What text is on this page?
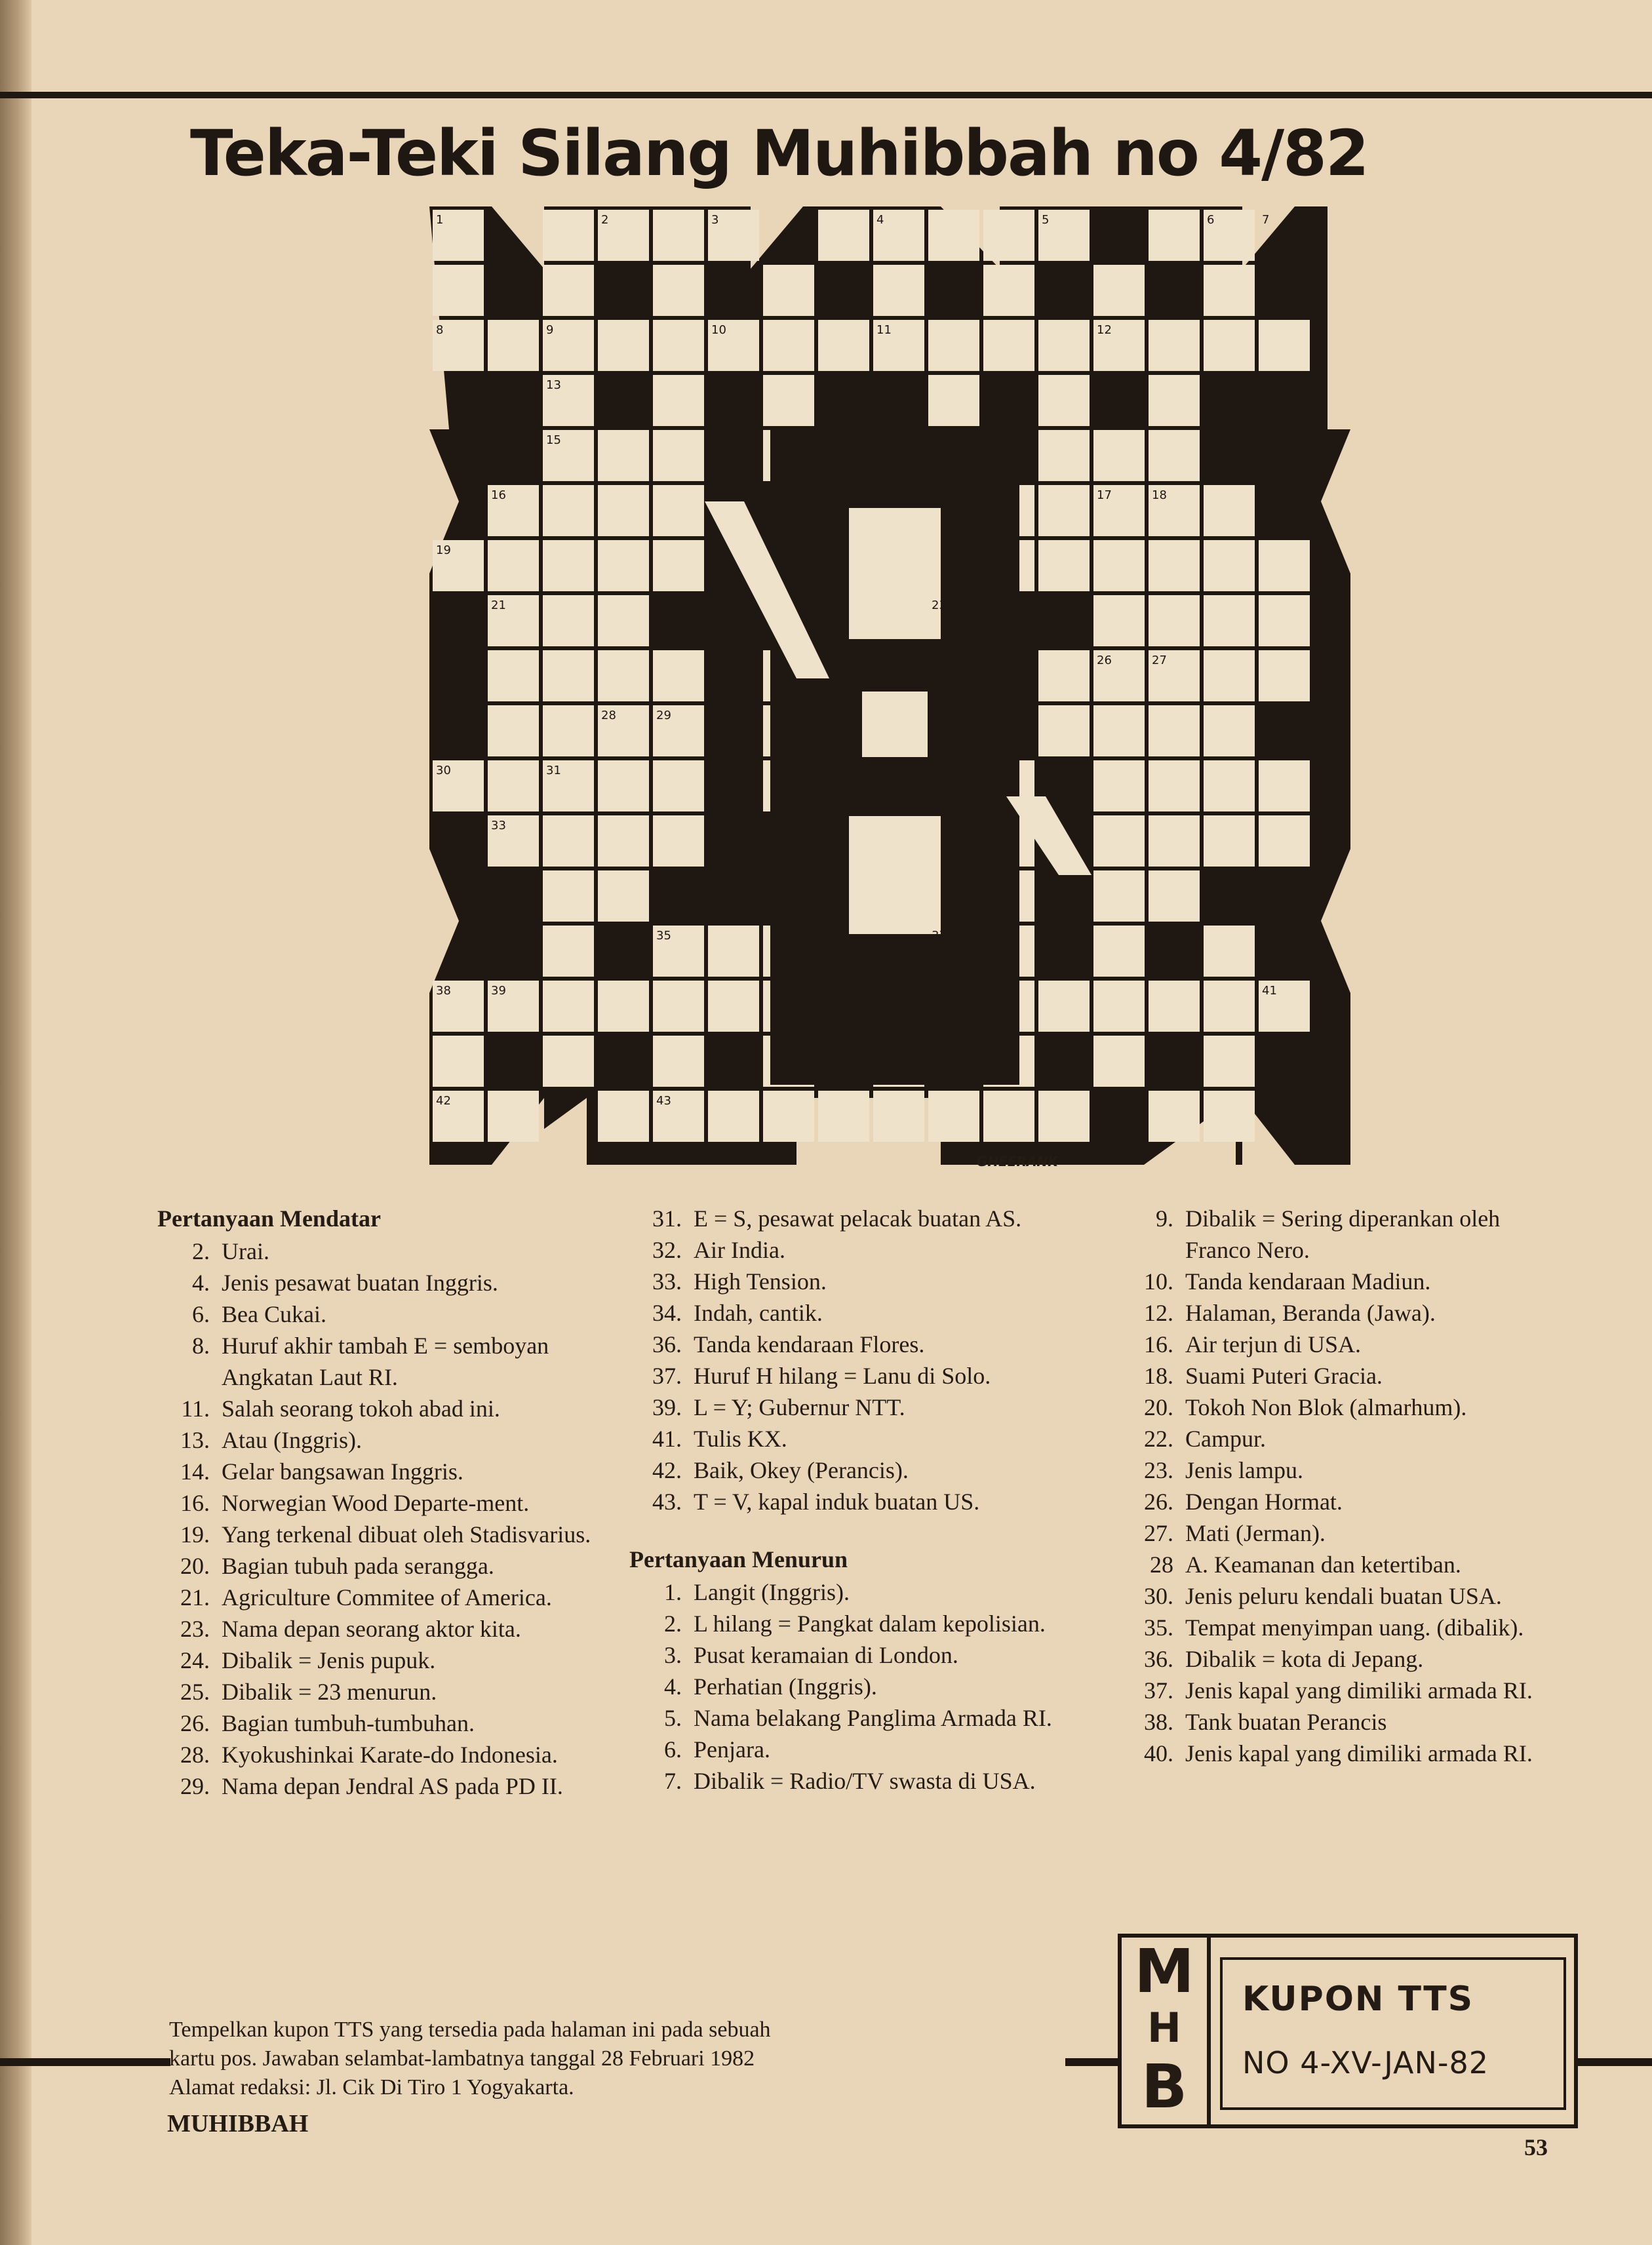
Teka-Teki Silang Muhibbah no 4/82
1	2	3	4	5	6	7
8	9	10	11	12
13	14
15
16	17	18
19	20
21	22	23
24	25	26	27
28	29
30	31	32
33
34
35	36	37
38	39	40	41
42	43
GHEERANK
Pertanyaan Mendatar
2. Urai.
4. Jenis pesawat buatan Inggris.
6. Bea Cukai.
8. Huruf akhir tambah E = semboyan Angkatan Laut RI.
11. Salah seorang tokoh abad ini.
13. Atau (Inggris).
14. Gelar bangsawan Inggris.
16. Norwegian Wood Departe-ment.
19. Yang terkenal dibuat oleh Stadisvarius.
20. Bagian tubuh pada serangga.
21. Agriculture Commitee of America.
23. Nama depan seorang aktor kita.
24. Dibalik = Jenis pupuk.
25. Dibalik = 23 menurun.
26. Bagian tumbuh-tumbuhan.
28. Kyokushinkai Karate-do Indonesia.
29. Nama depan Jendral AS pada PD II.
31. E = S, pesawat pelacak buatan AS.
32. Air India.
33. High Tension.
34. Indah, cantik.
36. Tanda kendaraan Flores.
37. Huruf H hilang = Lanu di Solo.
39. L = Y; Gubernur NTT.
41. Tulis KX.
42. Baik, Okey (Perancis).
43. T = V, kapal induk buatan US.
Pertanyaan Menurun
1. Langit (Inggris).
2. L hilang = Pangkat dalam kepolisian.
3. Pusat keramaian di London.
4. Perhatian (Inggris).
5. Nama belakang Panglima Armada RI.
6. Penjara.
7. Dibalik = Radio/TV swasta di USA.
9. Dibalik = Sering diperankan oleh Franco Nero.
10. Tanda kendaraan Madiun.
12. Halaman, Beranda (Jawa).
16. Air terjun di USA.
18. Suami Puteri Gracia.
20. Tokoh Non Blok (almarhum).
22. Campur.
23. Jenis lampu.
26. Dengan Hormat.
27. Mati (Jerman).
28 A. Keamanan dan ketertiban.
30. Jenis peluru kendali buatan USA.
35. Tempat menyimpan uang. (dibalik).
36. Dibalik = kota di Jepang.
37. Jenis kapal yang dimiliki armada RI.
38. Tank buatan Perancis
40. Jenis kapal yang dimiliki armada RI.
Tempelkan kupon TTS yang tersedia pada halaman ini pada sebuah
kartu pos. Jawaban selambat-lambatnya tanggal 28 Februari 1982
Alamat redaksi: Jl. Cik Di Tiro 1 Yogyakarta.
MUHIBBAH
53
M
H
B
KUPON TTS
NO 4-XV-JAN-82
